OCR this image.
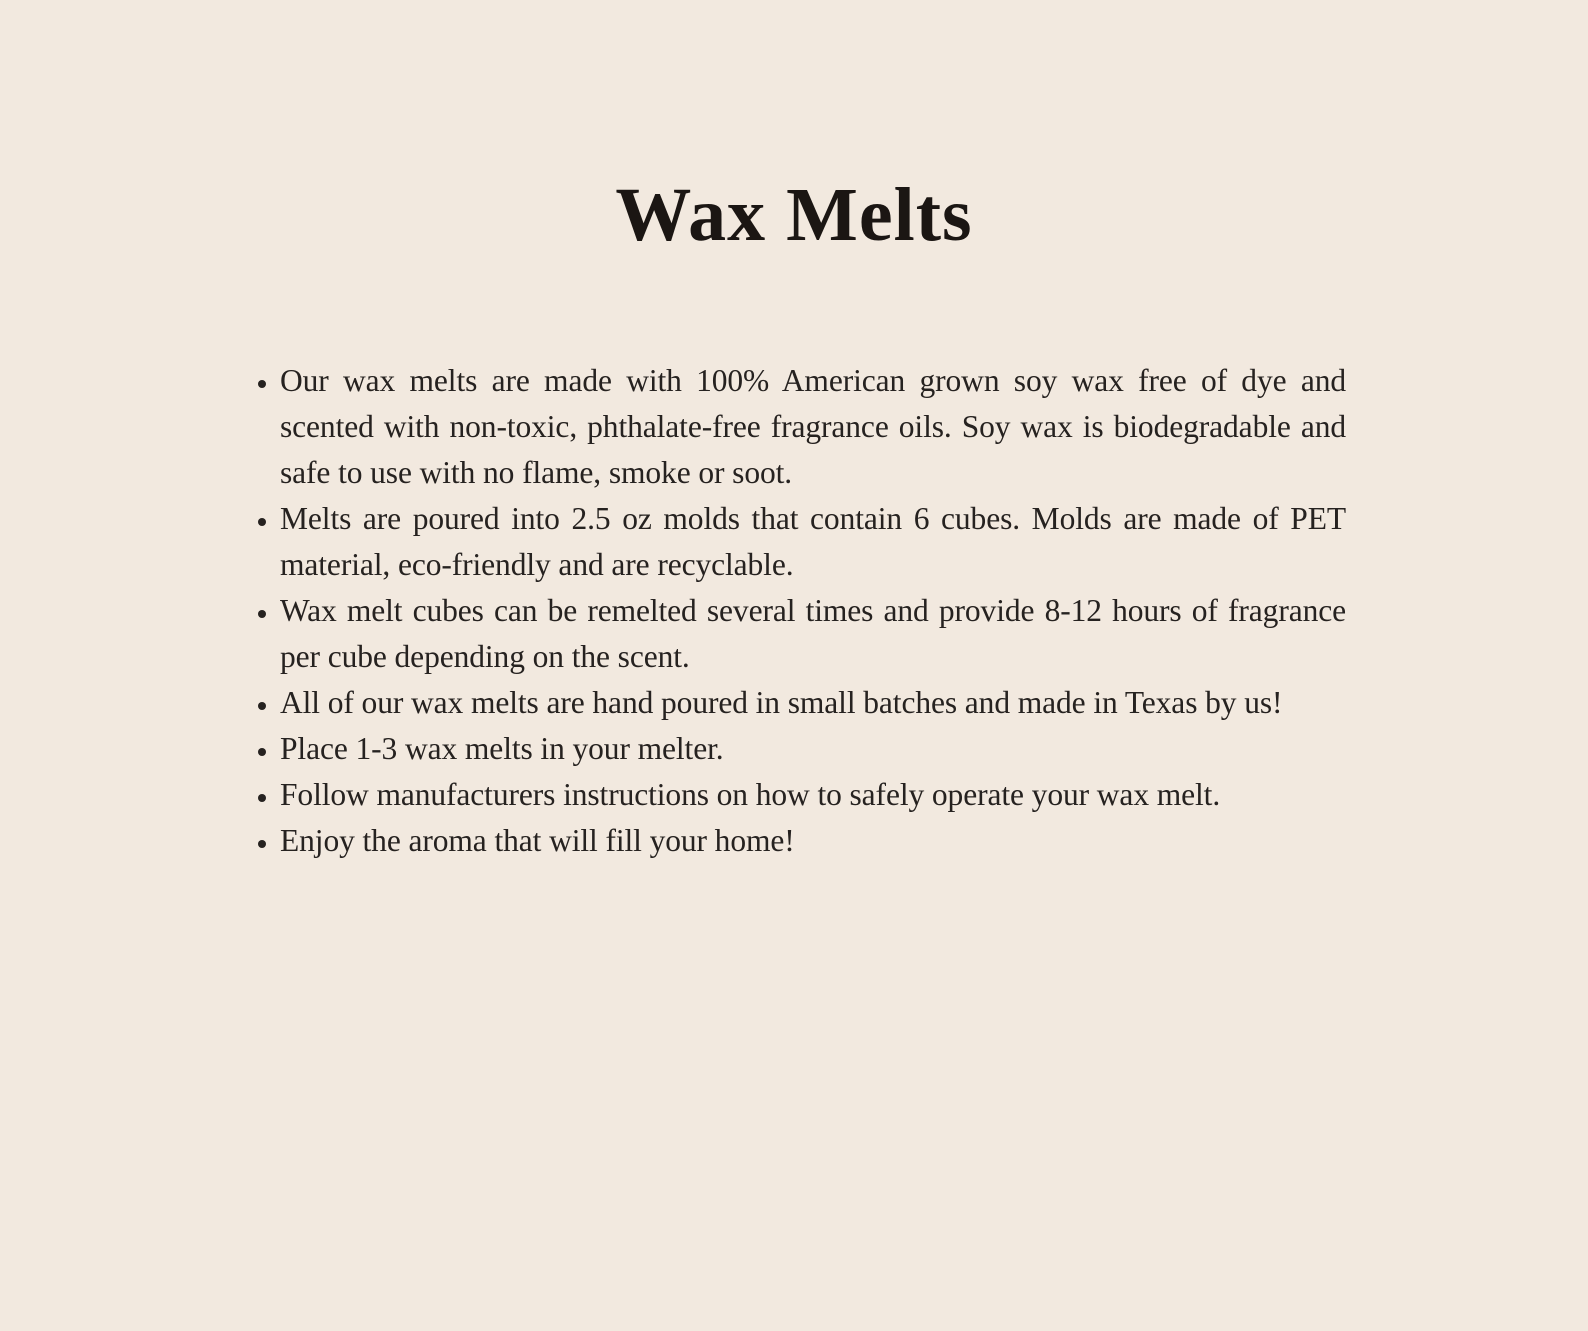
Wax Melts
• Our wax melts are made with 100% American grown soy wax free of dye and scented with non-toxic, phthalate-free fragrance oils. Soy wax is biodegradable and safe to use with no flame, smoke or soot.
• Melts are poured into 2.5 oz molds that contain 6 cubes. Molds are made of PET material, eco-friendly and are recyclable.
• Wax melt cubes can be remelted several times and provide 8-12 hours of fragrance per cube depending on the scent.
• All of our wax melts are hand poured in small batches and made in Texas by us!
• Place 1-3 wax melts in your melter.
• Follow manufacturers instructions on how to safely operate your wax melt.
• Enjoy the aroma that will fill your home!
